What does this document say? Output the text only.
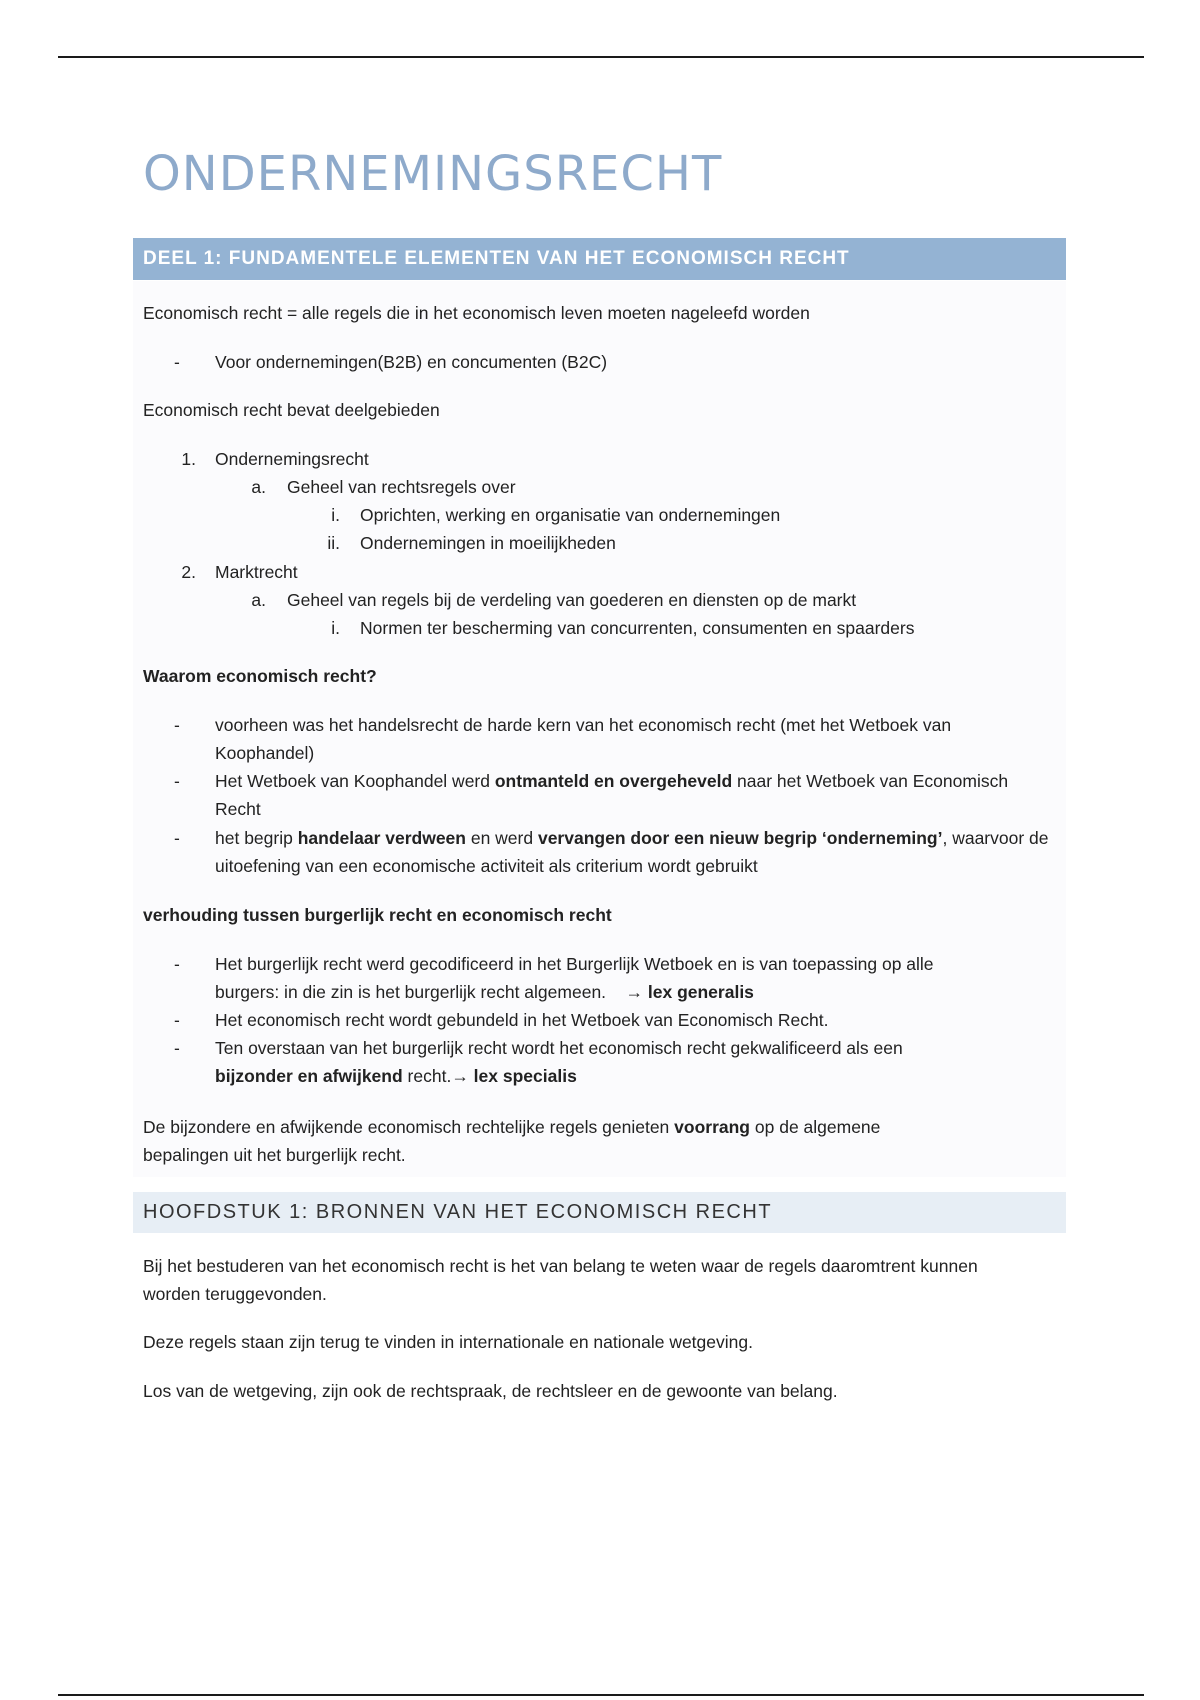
ONDERNEMINGSRECHT
DEEL 1: FUNDAMENTELE ELEMENTEN VAN HET ECONOMISCH RECHT

Economisch recht = alle regels die in het economisch leven moeten nageleefd worden

- Voor ondernemingen(B2B) en concumenten (B2C)

Economisch recht bevat deelgebieden

1. Ondernemingsrecht

a. Geheel van rechtsregels over

i. Oprichten, werking en organisatie van ondernemingen

ii. Ondernemingen in moeilijkheden

2. Marktrecht

a. Geheel van regels bij de verdeling van goederen en diensten op de markt

i. Normen ter bescherming van concurrenten, consumenten en spaarders

Waarom economisch recht?

- voorheen was het handelsrecht de harde kern van het economisch recht (met het Wetboek van Koophandel)

- Het Wetboek van Koophandel werd ontmanteld en overgeheveld naar het Wetboek van Economisch Recht

- het begrip handelaar verdween en werd vervangen door een nieuw begrip ‘onderneming’, waarvoor de uitoefening van een economische activiteit als criterium wordt gebruikt

verhouding tussen burgerlijk recht en economisch recht

- Het burgerlijk recht werd gecodificeerd in het Burgerlijk Wetboek en is van toepassing op alle
burgers: in die zin is het burgerlijk recht algemeen. → lex generalis

- Het economisch recht wordt gebundeld in het Wetboek van Economisch Recht.

- Ten overstaan van het burgerlijk recht wordt het economisch recht gekwalificeerd als een
bijzonder en afwijkend recht.→ lex specialis

De bijzondere en afwijkende economisch rechtelijke regels genieten voorrang op de algemene bepalingen uit het burgerlijk recht.

HOOFDSTUK 1: BRONNEN VAN HET ECONOMISCH RECHT

Bij het bestuderen van het economisch recht is het van belang te weten waar de regels daaromtrent kunnen worden teruggevonden.

Deze regels staan zijn terug te vinden in internationale en nationale wetgeving.

Los van de wetgeving, zijn ook de rechtspraak, de rechtsleer en de gewoonte van belang.
